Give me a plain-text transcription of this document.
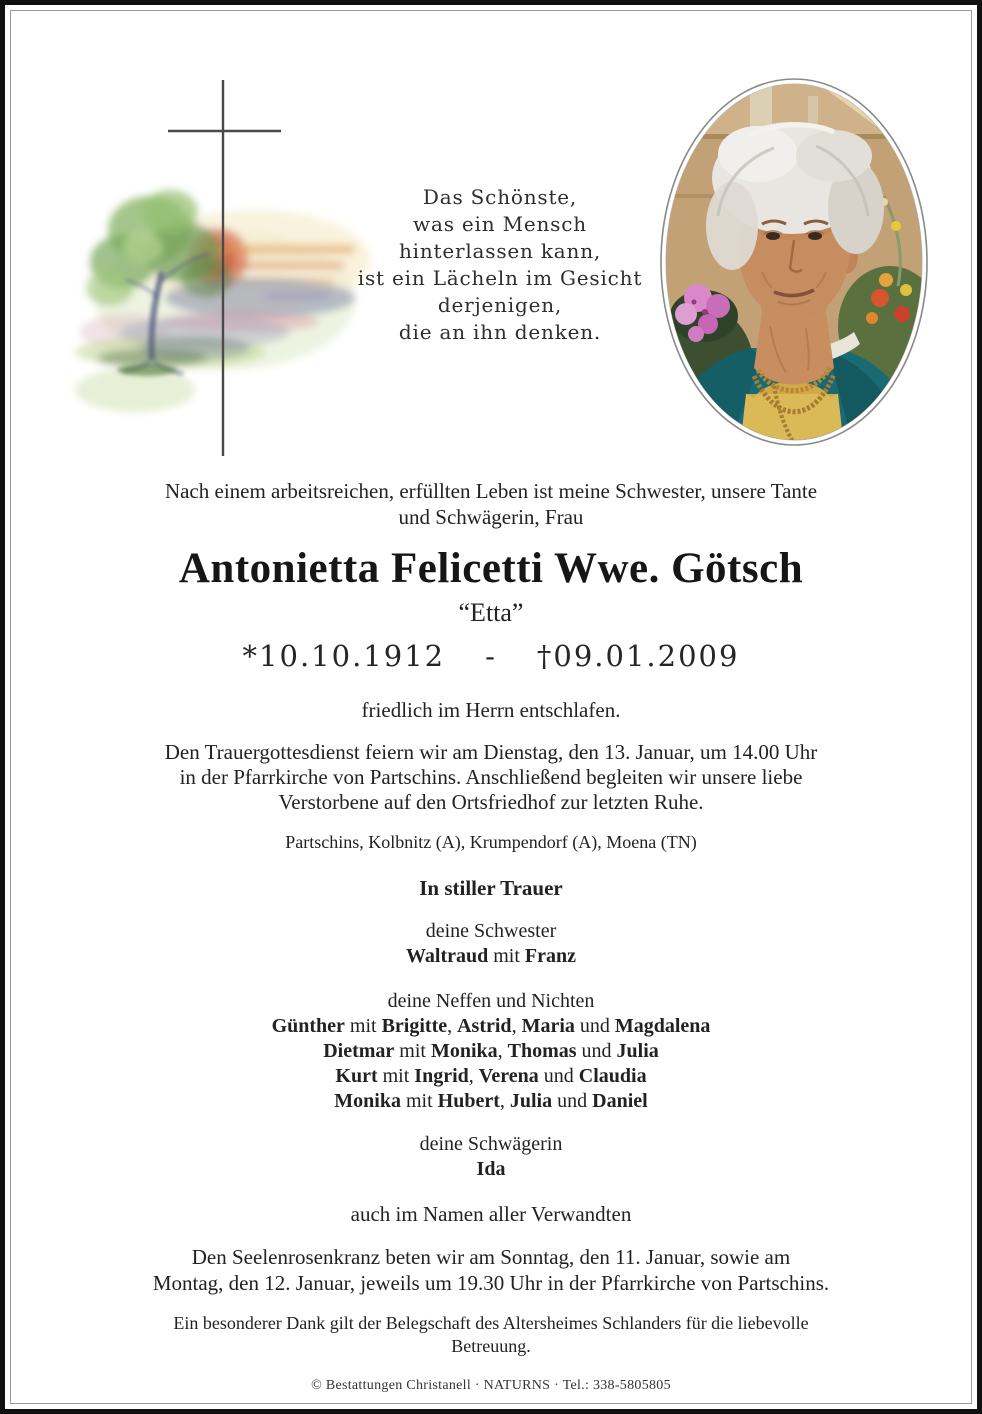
Das Schönste,
was ein Mensch
hinterlassen kann,
ist ein Lächeln im Gesicht
derjenigen,
die an ihn denken.
Nach einem arbeitsreichen, erfüllten Leben ist meine Schwester, unsere Tante
und Schwägerin, Frau
Antonietta Felicetti Wwe. Götsch
“Etta”
*10.10.1912 - †09.01.2009
friedlich im Herrn entschlafen.
Den Trauergottesdienst feiern wir am Dienstag, den 13. Januar, um 14.00 Uhr
in der Pfarrkirche von Partschins. Anschließend begleiten wir unsere liebe
Verstorbene auf den Ortsfriedhof zur letzten Ruhe.
Partschins, Kolbnitz (A), Krumpendorf (A), Moena (TN)
In stiller Trauer
deine Schwester
Waltraud mit Franz
deine Neffen und Nichten
Günther mit Brigitte, Astrid, Maria und Magdalena
Dietmar mit Monika, Thomas und Julia
Kurt mit Ingrid, Verena und Claudia
Monika mit Hubert, Julia und Daniel
deine Schwägerin
Ida
auch im Namen aller Verwandten
Den Seelenrosenkranz beten wir am Sonntag, den 11. Januar, sowie am
Montag, den 12. Januar, jeweils um 19.30 Uhr in der Pfarrkirche von Partschins.
Ein besonderer Dank gilt der Belegschaft des Altersheimes Schlanders für die liebevolle
Betreuung.
© Bestattungen Christanell · NATURNS · Tel.: 338-5805805
